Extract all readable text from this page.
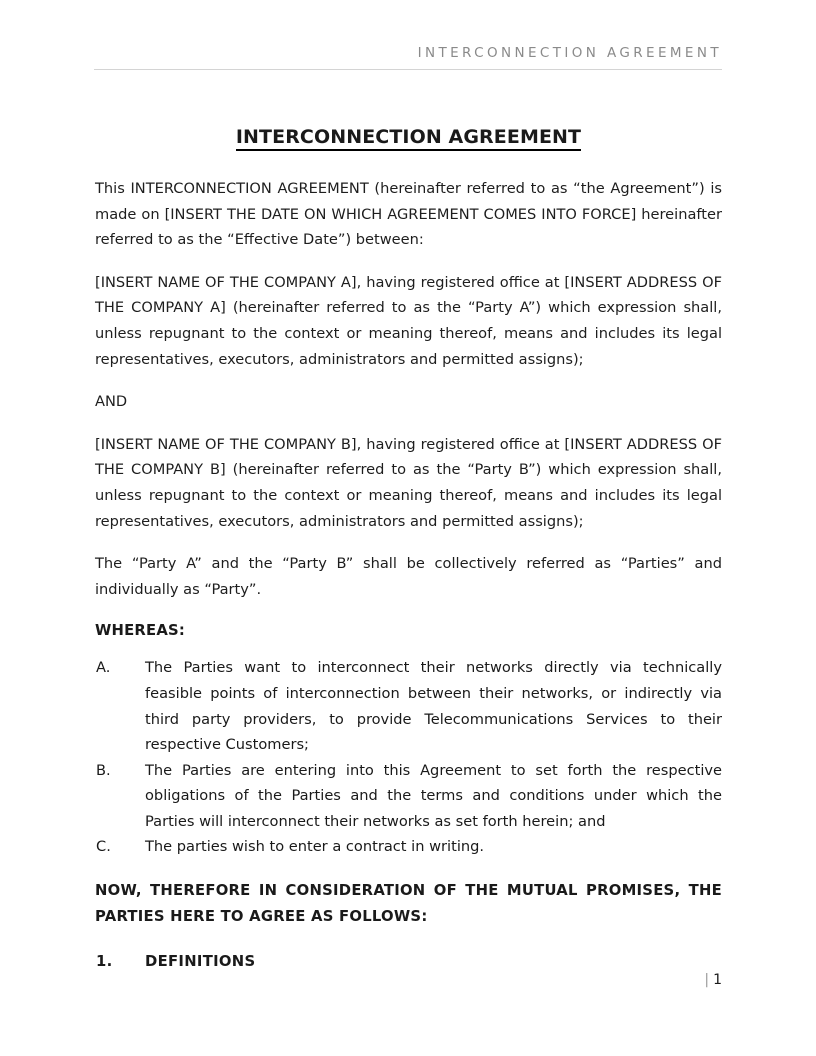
INTERCONNECTION AGREEMENT
INTERCONNECTION AGREEMENT

This INTERCONNECTION AGREEMENT (hereinafter referred to as “the Agreement”) is made on [INSERT THE DATE ON WHICH AGREEMENT COMES INTO FORCE] hereinafter referred to as the “Effective Date”) between:

[INSERT NAME OF THE COMPANY A], having registered office at [INSERT ADDRESS OF THE COMPANY A] (hereinafter referred to as the “Party A”) which expression shall, unless repugnant to the context or meaning thereof, means and includes its legal representatives, executors, administrators and permitted assigns);

AND

[INSERT NAME OF THE COMPANY B], having registered office at [INSERT ADDRESS OF THE COMPANY B] (hereinafter referred to as the “Party B”) which expression shall, unless repugnant to the context or meaning thereof, means and includes its legal representatives, executors, administrators and permitted assigns);

The “Party A” and the “Party B” shall be collectively referred as “Parties” and individually as “Party”.

WHEREAS:

A.	The Parties want to interconnect their networks directly via technically feasible points of interconnection between their networks, or indirectly via third party providers, to provide Telecommunications Services to their respective Customers;
B.	The Parties are entering into this Agreement to set forth the respective obligations of the Parties and the terms and conditions under which the Parties will interconnect their networks as set forth herein; and
C.	The parties wish to enter a contract in writing.

NOW, THEREFORE IN CONSIDERATION OF THE MUTUAL PROMISES, THE PARTIES HERE TO AGREE AS FOLLOWS:

1. DEFINITIONS

| 1
